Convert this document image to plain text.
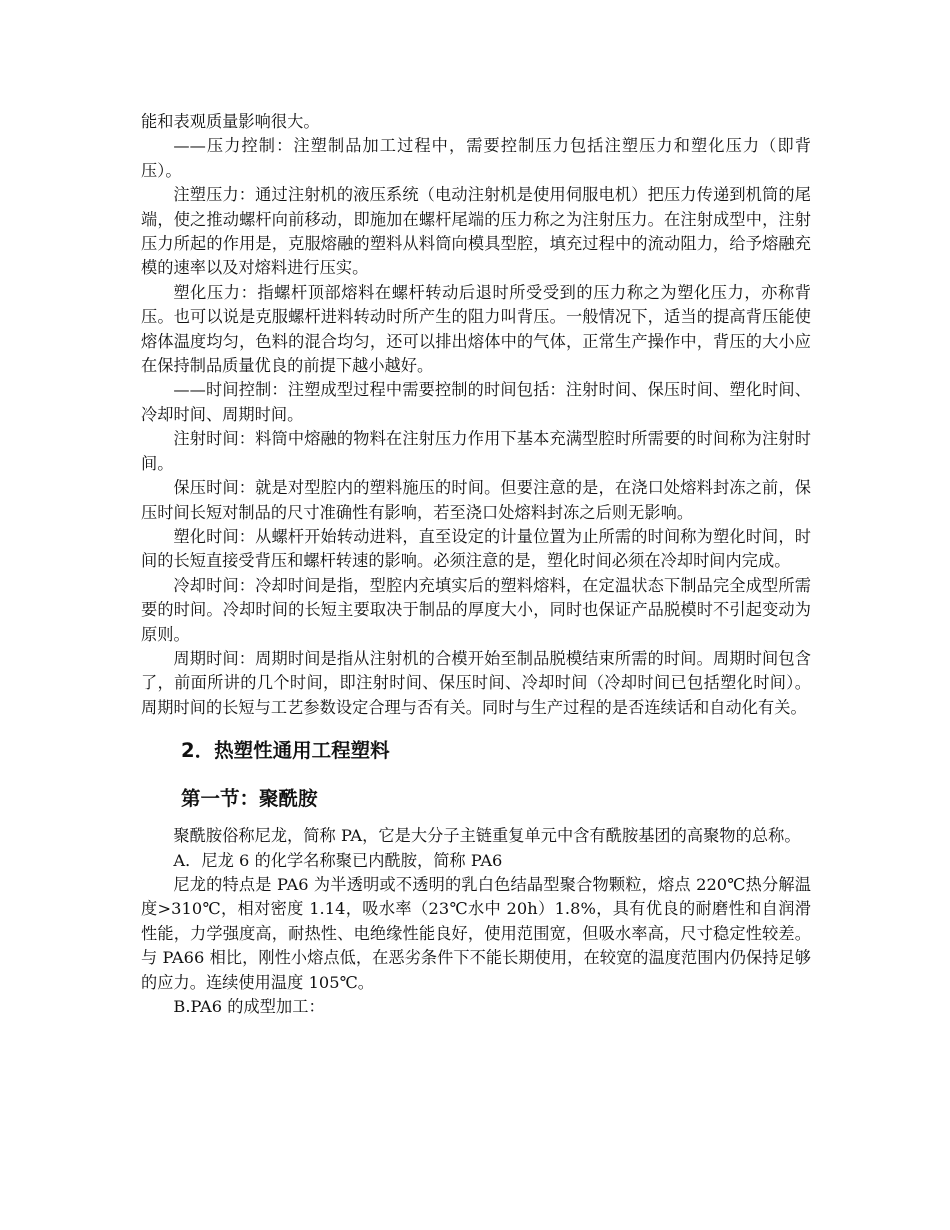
能和表观质量影响很大。

——压力控制：注塑制品加工过程中，需要控制压力包括注塑压力和塑化压力（即背压）。

注塑压力：通过注射机的液压系统（电动注射机是使用伺服电机）把压力传递到机筒的尾端，使之推动螺杆向前移动，即施加在螺杆尾端的压力称之为注射压力。在注射成型中，注射压力所起的作用是，克服熔融的塑料从料筒向模具型腔，填充过程中的流动阻力，给予熔融充模的速率以及对熔料进行压实。

塑化压力：指螺杆顶部熔料在螺杆转动后退时所受受到的压力称之为塑化压力，亦称背压。也可以说是克服螺杆进料转动时所产生的阻力叫背压。一般情况下，适当的提高背压能使熔体温度均匀，色料的混合均匀，还可以排出熔体中的气体，正常生产操作中，背压的大小应在保持制品质量优良的前提下越小越好。

——时间控制：注塑成型过程中需要控制的时间包括：注射时间、保压时间、塑化时间、冷却时间、周期时间。

注射时间：料筒中熔融的物料在注射压力作用下基本充满型腔时所需要的时间称为注射时间。

保压时间：就是对型腔内的塑料施压的时间。但要注意的是，在浇口处熔料封冻之前，保压时间长短对制品的尺寸准确性有影响，若至浇口处熔料封冻之后则无影响。

塑化时间：从螺杆开始转动进料，直至设定的计量位置为止所需的时间称为塑化时间，时间的长短直接受背压和螺杆转速的影响。必须注意的是，塑化时间必须在冷却时间内完成。

冷却时间：冷却时间是指，型腔内充填实后的塑料熔料，在定温状态下制品完全成型所需要的时间。冷却时间的长短主要取决于制品的厚度大小，同时也保证产品脱模时不引起变动为原则。

周期时间：周期时间是指从注射机的合模开始至制品脱模结束所需的时间。周期时间包含了，前面所讲的几个时间，即注射时间、保压时间、冷却时间（冷却时间已包括塑化时间）。周期时间的长短与工艺参数设定合理与否有关。同时与生产过程的是否连续话和自动化有关。

2．热塑性通用工程塑料
第一节：聚酰胺

聚酰胺俗称尼龙，简称 PA，它是大分子主链重复单元中含有酰胺基团的高聚物的总称。

A．尼龙 6 的化学名称聚已内酰胺，简称 PA6

尼龙的特点是 PA6 为半透明或不透明的乳白色结晶型聚合物颗粒，熔点 220℃热分解温度>310℃，相对密度 1.14，吸水率（23℃水中 20h）1.8%，具有优良的耐磨性和自润滑性能，力学强度高，耐热性、电绝缘性能良好，使用范围宽，但吸水率高，尺寸稳定性较差。与 PA66 相比，刚性小熔点低，在恶劣条件下不能长期使用，在较宽的温度范围内仍保持足够的应力。连续使用温度 105℃。

B.PA6 的成型加工：
